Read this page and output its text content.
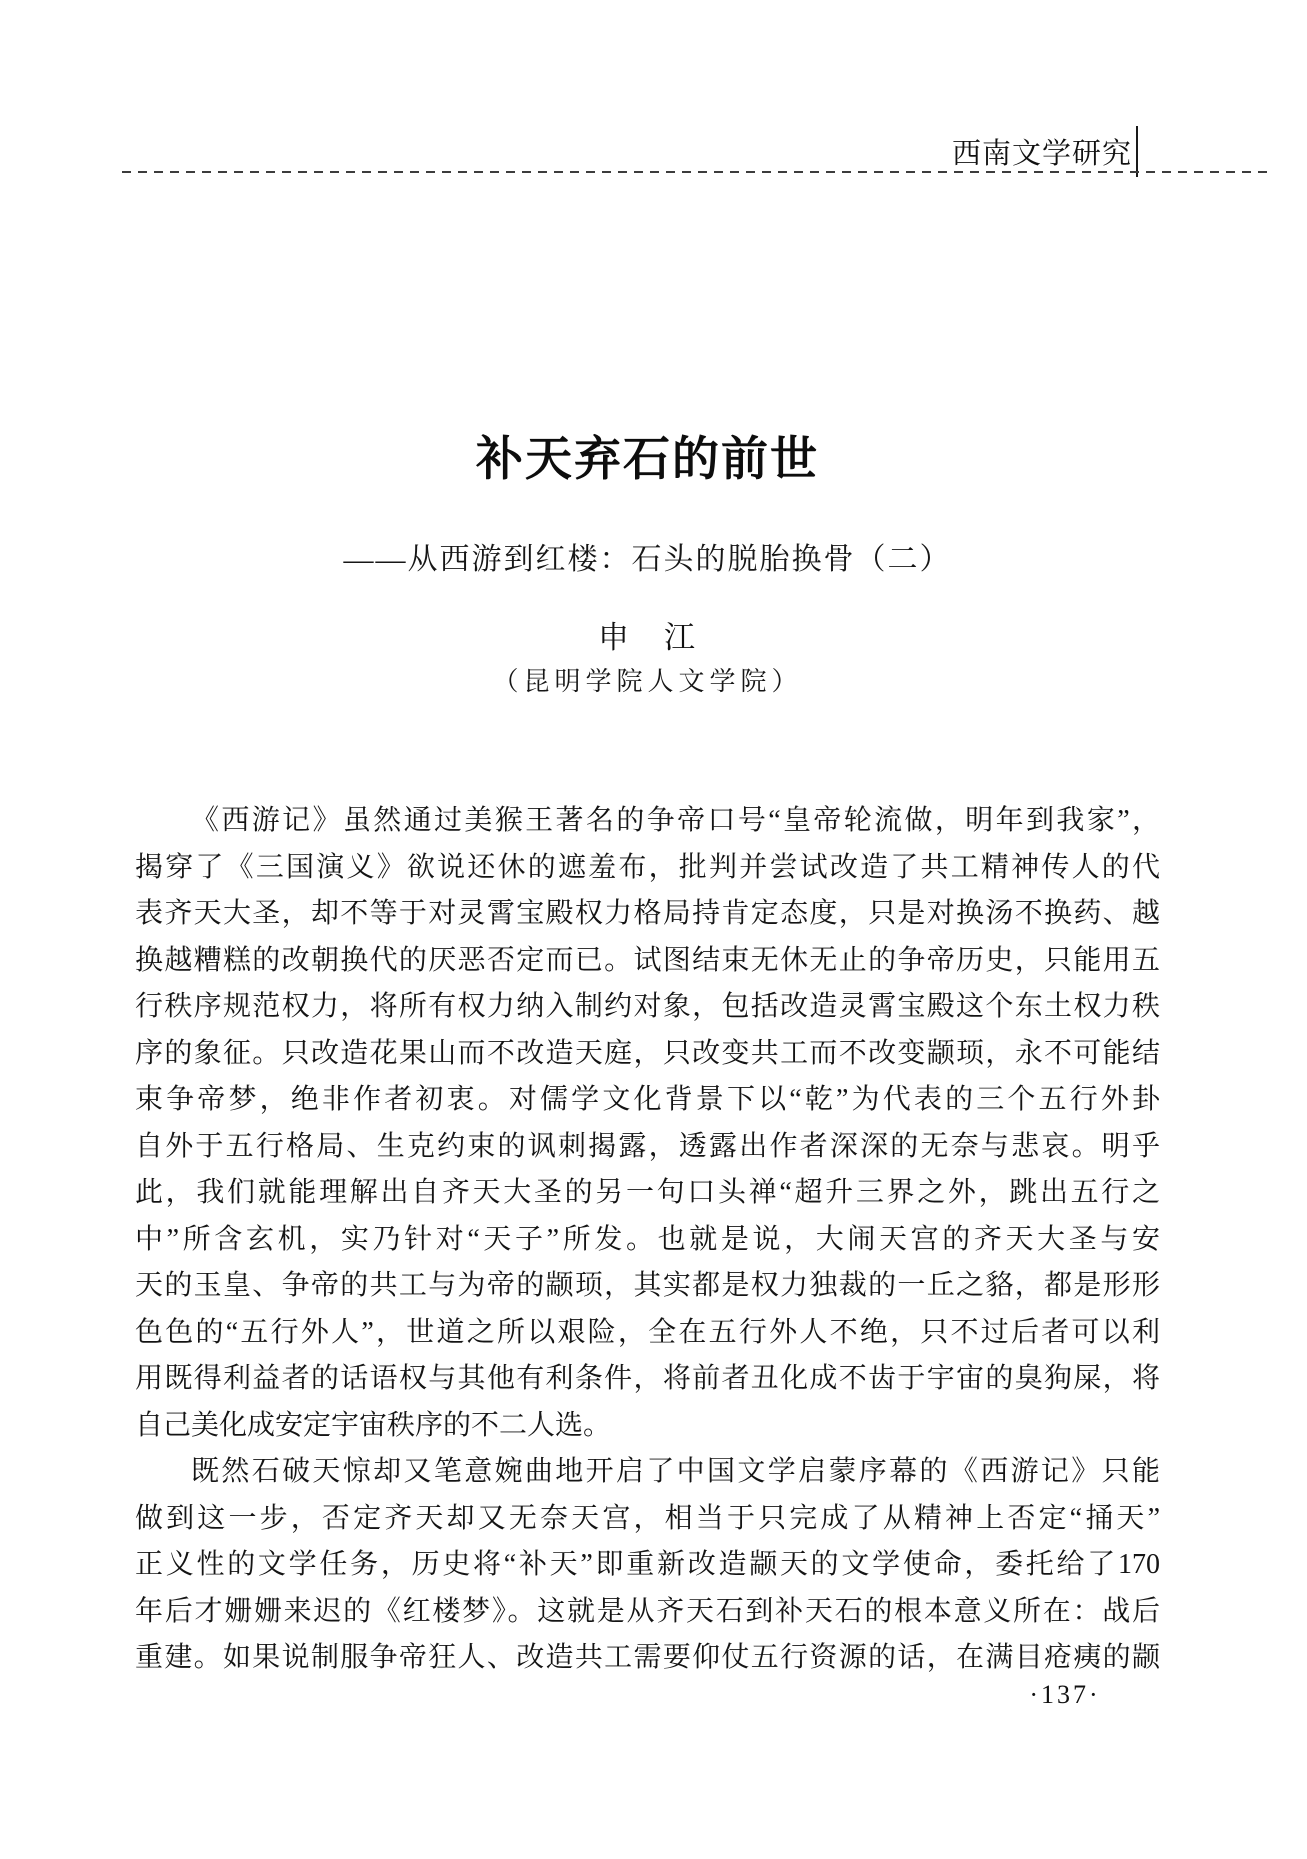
西南文学研究
补天弃石的前世
——从西游到红楼：石头的脱胎换骨（二）
申　江
（昆明学院人文学院）
《西游记》虽然通过美猴王著名的争帝口号“皇帝轮流做，明年到我家”，
揭穿了《三国演义》欲说还休的遮羞布，批判并尝试改造了共工精神传人的代
表齐天大圣，却不等于对灵霄宝殿权力格局持肯定态度，只是对换汤不换药、越
换越糟糕的改朝换代的厌恶否定而已。试图结束无休无止的争帝历史，只能用五
行秩序规范权力，将所有权力纳入制约对象，包括改造灵霄宝殿这个东土权力秩
序的象征。只改造花果山而不改造天庭，只改变共工而不改变颛顼，永不可能结
束争帝梦，绝非作者初衷。对儒学文化背景下以“乾”为代表的三个五行外卦
自外于五行格局、生克约束的讽刺揭露，透露出作者深深的无奈与悲哀。明乎
此，我们就能理解出自齐天大圣的另一句口头禅“超升三界之外，跳出五行之
中”所含玄机，实乃针对“天子”所发。也就是说，大闹天宫的齐天大圣与安
天的玉皇、争帝的共工与为帝的颛顼，其实都是权力独裁的一丘之貉，都是形形
色色的“五行外人”，世道之所以艰险，全在五行外人不绝，只不过后者可以利
用既得利益者的话语权与其他有利条件，将前者丑化成不齿于宇宙的臭狗屎，将
自己美化成安定宇宙秩序的不二人选。
既然石破天惊却又笔意婉曲地开启了中国文学启蒙序幕的《西游记》只能
做到这一步，否定齐天却又无奈天宫，相当于只完成了从精神上否定“捅天”
正义性的文学任务，历史将“补天”即重新改造颛天的文学使命，委托给了170
年后才姗姗来迟的《红楼梦》。这就是从齐天石到补天石的根本意义所在：战后
重建。如果说制服争帝狂人、改造共工需要仰仗五行资源的话，在满目疮痍的颛
·137·
